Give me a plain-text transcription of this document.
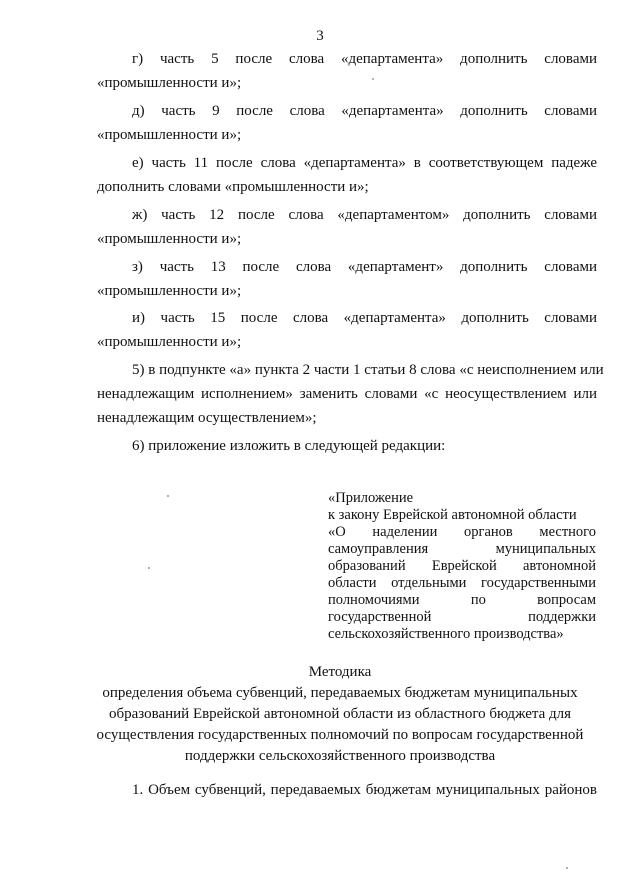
3
г)  часть  5  после  слова  «департамента»  дополнить  словами
«промышленности и»;
д)  часть  9  после  слова  «департамента»  дополнить  словами
«промышленности и»;
е) часть 11 после слова «департамента» в соответствующем падеже
дополнить словами «промышленности и»;
ж)  часть  12  после  слова  «департаментом»  дополнить  словами
«промышленности и»;
з)  часть  13  после  слова  «департамент»  дополнить  словами
«промышленности и»;
и)  часть  15  после  слова  «департамента»  дополнить  словами
«промышленности и»;
5) в подпункте «а» пункта 2 части 1 статьи 8 слова «с неисполнением или
ненадлежащим исполнением» заменить словами «с неосуществлением или
ненадлежащим осуществлением»;
6) приложение изложить в следующей редакции:
«Приложение
к закону Еврейской автономной области
«О      наделении      органов      местного
самоуправления      муниципальных
образований    Еврейской    автономной
области отдельными государственными
полномочиями    по    вопросам
государственной    поддержки
сельскохозяйственного производства»
Методика
определения объема субвенций, передаваемых бюджетам муниципальных
образований Еврейской автономной области из областного бюджета для
осуществления государственных полномочий по вопросам государственной
поддержки сельскохозяйственного производства
1. Объем субвенций, передаваемых бюджетам муниципальных районов
